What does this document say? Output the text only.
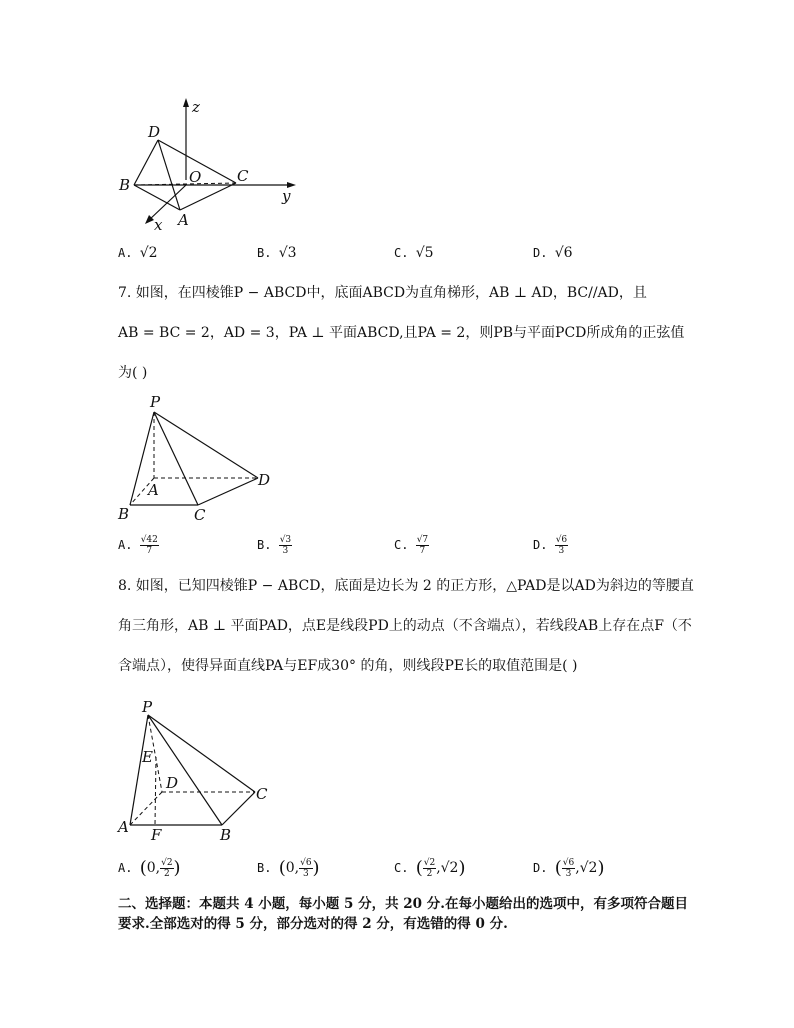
z
D
B	O C
y
x A
A. √2	B. √3	C. √5	D. √6
7. 如图，在四棱锥P − ABCD中，底面ABCD为直角梯形，AB ⊥ AD，BC//AD，且
AB = BC = 2，AD = 3，PA ⊥ 平面ABCD,且PA = 2，则PB与平面PCD所成角的正弦值
为( )
P
A
D
B	C
A. $\frac{√42}{7}$	B. $\frac{√3}{3}$	C. $\frac{√7}{7}$	D. $\frac{√6}{3}$
8. 如图，已知四棱锥P − ABCD，底面是边长为 2 的正方形，△PAD是以AD为斜边的等腰直
角三角形，AB ⊥ 平面PAD，点E是线段PD上的动点（不含端点），若线段AB上存在点F（不
含端点），使得异面直线PA与EF成30° 的角，则线段PE长的取值范围是( )
P
E
D
C
A F	B
A. (0, $\frac{√2}{2}$ )	B. (0, $\frac{√6}{3}$ )	C. ( $\frac{√2}{2} ,√2$)	D. ( $\frac{√6}{3} ,√2$)
二、选择题：本题共 4 小题，每小题 5 分，共 20 分.在每小题给出的选项中，有多项符合题目
要求.全部选对的得 5 分，部分选对的得 2 分，有选错的得 0 分.
